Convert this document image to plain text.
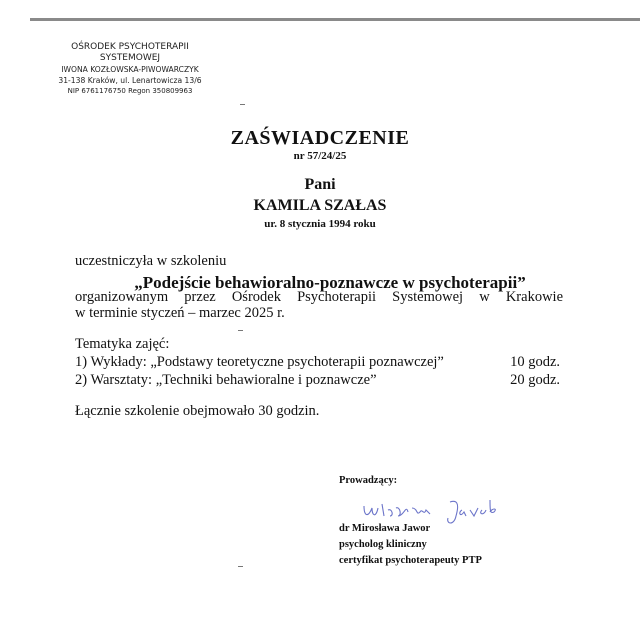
OŚRODEK PSYCHOTERAPII
SYSTEMOWEJ
IWONA KOZŁOWSKA-PIWOWARCZYK
31-138 Kraków, ul. Lenartowicza 13/6
NIP 6761176750 Regon 350809963
ZAŚWIADCZENIE
nr 57/24/25
Pani
KAMILA SZAŁAS
ur. 8 stycznia 1994 roku
uczestniczyła w szkoleniu
„Podejście behawioralno-poznawcze w psychoterapii”
organizowanym przez Ośrodek Psychoterapii Systemowej w Krakowie
w terminie styczeń – marzec 2025 r.
Tematyka zajęć:
1) Wykłady: „Podstawy teoretyczne psychoterapii poznawczej”	10 godz.
2) Warsztaty: „Techniki behawioralne i poznawcze”	20 godz.
Łącznie szkolenie obejmowało 30 godzin.
Prowadzący:
dr Mirosława Jawor
psycholog kliniczny
certyfikat psychoterapeuty PTP
